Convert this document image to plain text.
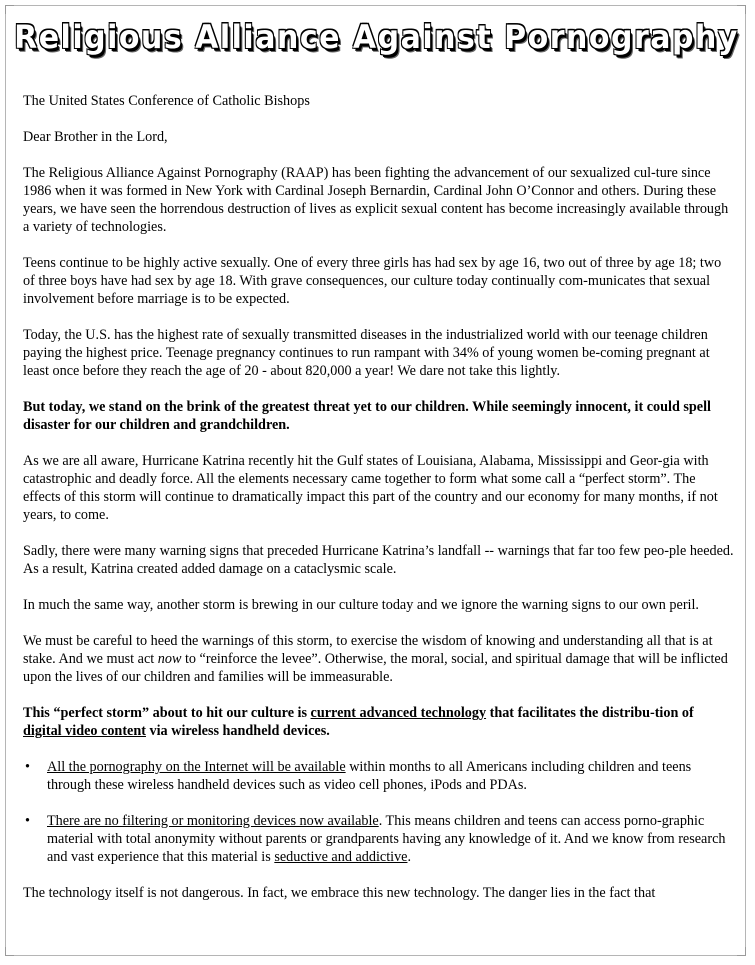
Religious Alliance Against Pornography

The United States Conference of Catholic Bishops

Dear Brother in the Lord,

The Religious Alliance Against Pornography (RAAP) has been fighting the advancement of our sexualized cul-ture since 1986 when it was formed in New York with Cardinal Joseph Bernardin, Cardinal John O’Connor and others. During these years, we have seen the horrendous destruction of lives as explicit sexual content has become increasingly available through a variety of technologies.

Teens continue to be highly active sexually. One of every three girls has had sex by age 16, two out of three by age 18; two of three boys have had sex by age 18. With grave consequences, our culture today continually com-municates that sexual involvement before marriage is to be expected.

Today, the U.S. has the highest rate of sexually transmitted diseases in the industrialized world with our teenage children paying the highest price. Teenage pregnancy continues to run rampant with 34% of young women be-coming pregnant at least once before they reach the age of 20 - about 820,000 a year! We dare not take this lightly.

But today, we stand on the brink of the greatest threat yet to our children. While seemingly innocent, it could spell disaster for our children and grandchildren.

As we are all aware, Hurricane Katrina recently hit the Gulf states of Louisiana, Alabama, Mississippi and Geor-gia with catastrophic and deadly force. All the elements necessary came together to form what some call a “perfect storm”. The effects of this storm will continue to dramatically impact this part of the country and our economy for many months, if not years, to come.

Sadly, there were many warning signs that preceded Hurricane Katrina’s landfall -- warnings that far too few peo-ple heeded. As a result, Katrina created added damage on a cataclysmic scale.

In much the same way, another storm is brewing in our culture today and we ignore the warning signs to our own peril.

We must be careful to heed the warnings of this storm, to exercise the wisdom of knowing and understanding all that is at stake. And we must act now to “reinforce the levee”. Otherwise, the moral, social, and spiritual damage that will be inflicted upon the lives of our children and families will be immeasurable.

This “perfect storm” about to hit our culture is current advanced technology that facilitates the distribu-tion of digital video content via wireless handheld devices.

• All the pornography on the Internet will be available within months to all Americans including children and teens through these wireless handheld devices such as video cell phones, iPods and PDAs.
• There are no filtering or monitoring devices now available. This means children and teens can access porno-graphic material with total anonymity without parents or grandparents having any knowledge of it. And we know from research and vast experience that this material is seductive and addictive.

The technology itself is not dangerous. In fact, we embrace this new technology. The danger lies in the fact that
